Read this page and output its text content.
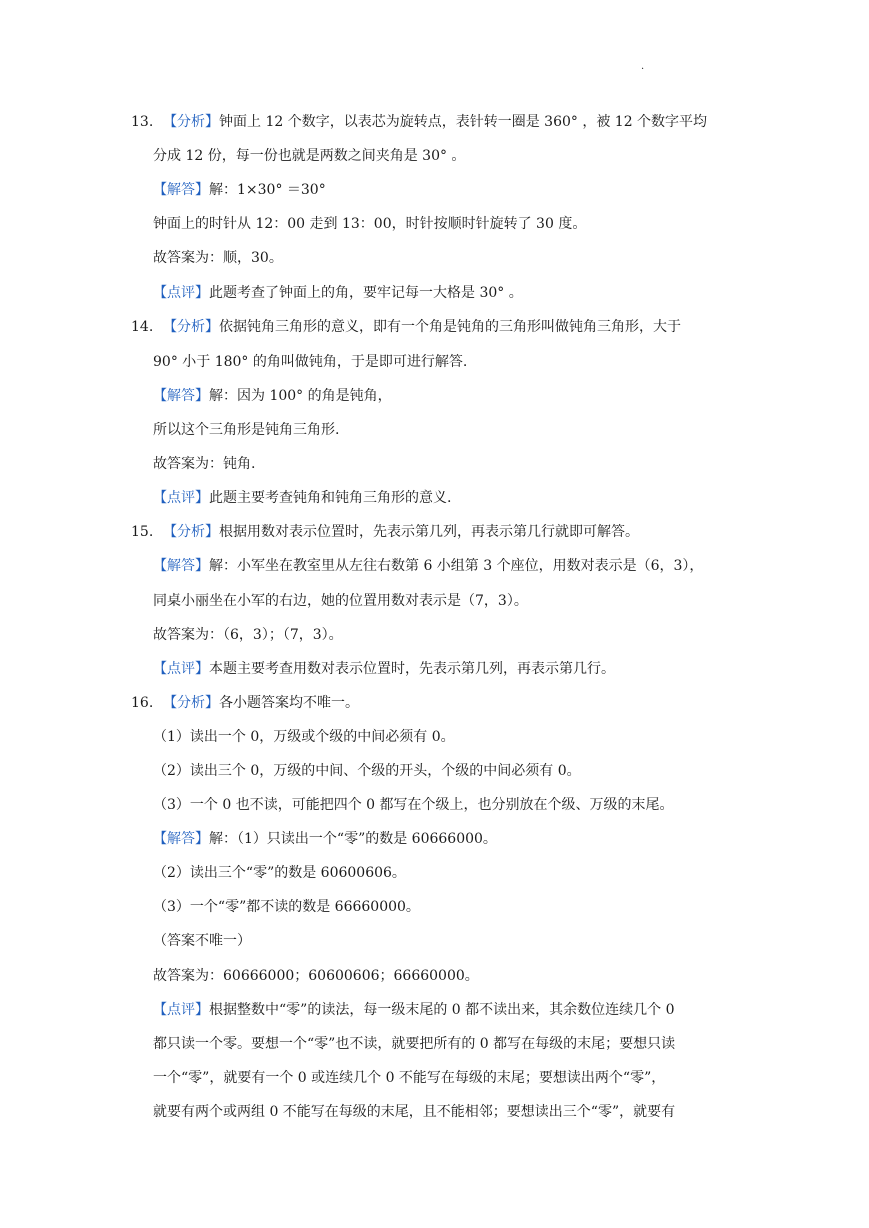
·
13. 【分析】钟面上 12 个数字，以表芯为旋转点，表针转一圈是 360° ，被 12 个数字平均
分成 12 份，每一份也就是两数之间夹角是 30° 。
【解答】解：1×30° ＝30°
钟面上的时针从 12：00 走到 13：00，时针按顺时针旋转了 30 度。
故答案为：顺，30。
【点评】此题考查了钟面上的角，要牢记每一大格是 30° 。
14. 【分析】依据钝角三角形的意义，即有一个角是钝角的三角形叫做钝角三角形，大于
90° 小于 180° 的角叫做钝角，于是即可进行解答.
【解答】解：因为 100° 的角是钝角，
所以这个三角形是钝角三角形.
故答案为：钝角.
【点评】此题主要考查钝角和钝角三角形的意义.
15. 【分析】根据用数对表示位置时，先表示第几列，再表示第几行就即可解答。
【解答】解：小军坐在教室里从左往右数第 6 小组第 3 个座位，用数对表示是（6，3），
同桌小丽坐在小军的右边，她的位置用数对表示是（7，3）。
故答案为：（6，3）；（7，3）。
【点评】本题主要考查用数对表示位置时，先表示第几列，再表示第几行。
16. 【分析】各小题答案均不唯一。
（1）读出一个 0，万级或个级的中间必须有 0。
（2）读出三个 0，万级的中间、个级的开头，个级的中间必须有 0。
（3）一个 0 也不读，可能把四个 0 都写在个级上，也分别放在个级、万级的末尾。
【解答】解：（1）只读出一个“零”的数是 60666000。
（2）读出三个“零”的数是 60600606。
（3）一个“零”都不读的数是 66660000。
（答案不唯一）
故答案为：60666000；60600606；66660000。
【点评】根据整数中“零”的读法，每一级末尾的 0 都不读出来，其余数位连续几个 0
都只读一个零。要想一个“零”也不读，就要把所有的 0 都写在每级的末尾；要想只读
一个“零”，就要有一个 0 或连续几个 0 不能写在每级的末尾；要想读出两个“零”，
就要有两个或两组 0 不能写在每级的末尾，且不能相邻；要想读出三个“零”，就要有
